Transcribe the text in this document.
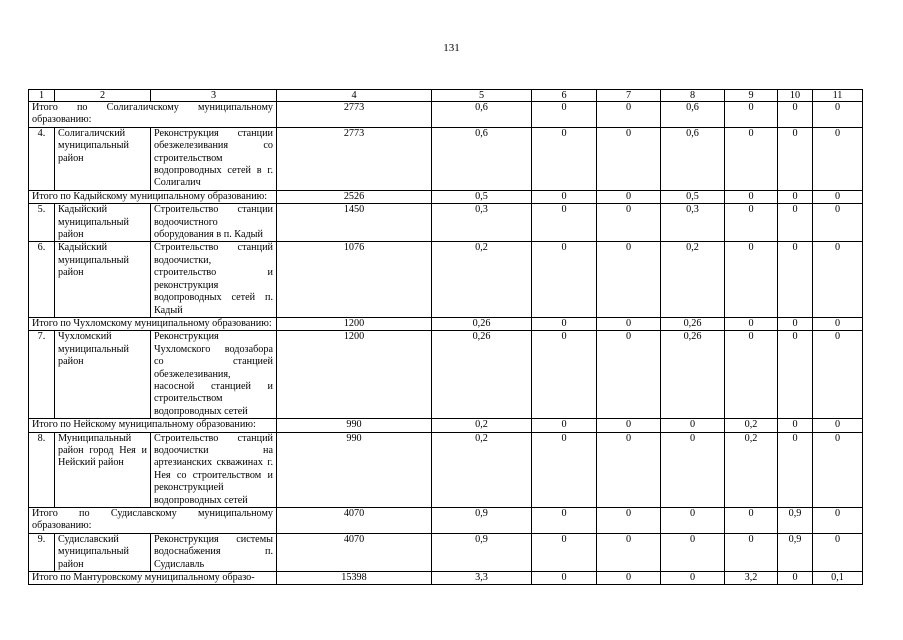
131
1	2	3	4	5	6	7	8	9	10	11
Итого по Солигаличскому муниципальному образованию:			2773	0,6	0	0	0,6	0	0	0
4.	Солигаличский муниципальный район	Реконструкция станции обезжелезивания со строительством водопроводных сетей в г. Солигалич	2773	0,6	0	0	0,6	0	0	0
Итого по Кадыйскому муниципальному образованию:			2526	0,5	0	0	0,5	0	0	0
5.	Кадыйский муниципальный район	Строительство станции водоочистного оборудования в п. Кадый	1450	0,3	0	0	0,3	0	0	0
6.	Кадыйский муниципальный район	Строительство станций водоочистки, строительство и реконструкция водопроводных сетей п. Кадый	1076	0,2	0	0	0,2	0	0	0
Итого по Чухломскому муниципальному образованию:			1200	0,26	0	0	0,26	0	0	0
7.	Чухломский муниципальный район	Реконструкция Чухломского водозабора со станцией обезжелезивания, насосной станцией и строительством водопроводных сетей	1200	0,26	0	0	0,26	0	0	0
Итого по Нейскому муниципальному образованию:			990	0,2	0	0	0	0,2	0	0
8.	Муниципальный район город Нея и Нейский район	Строительство станций водоочистки на артезианских скважинах г. Нея со строительством и реконструкцией водопроводных сетей	990	0,2	0	0	0	0,2	0	0
Итого по Судиславскому муниципальному образованию:			4070	0,9	0	0	0	0	0,9	0
9.	Судиславский муниципальный район	Реконструкция системы водоснабжения п. Судиславль	4070	0,9	0	0	0	0	0,9	0
Итого по Мантуровскому муниципальному образо-			15398	3,3	0	0	0	3,2	0	0,1
